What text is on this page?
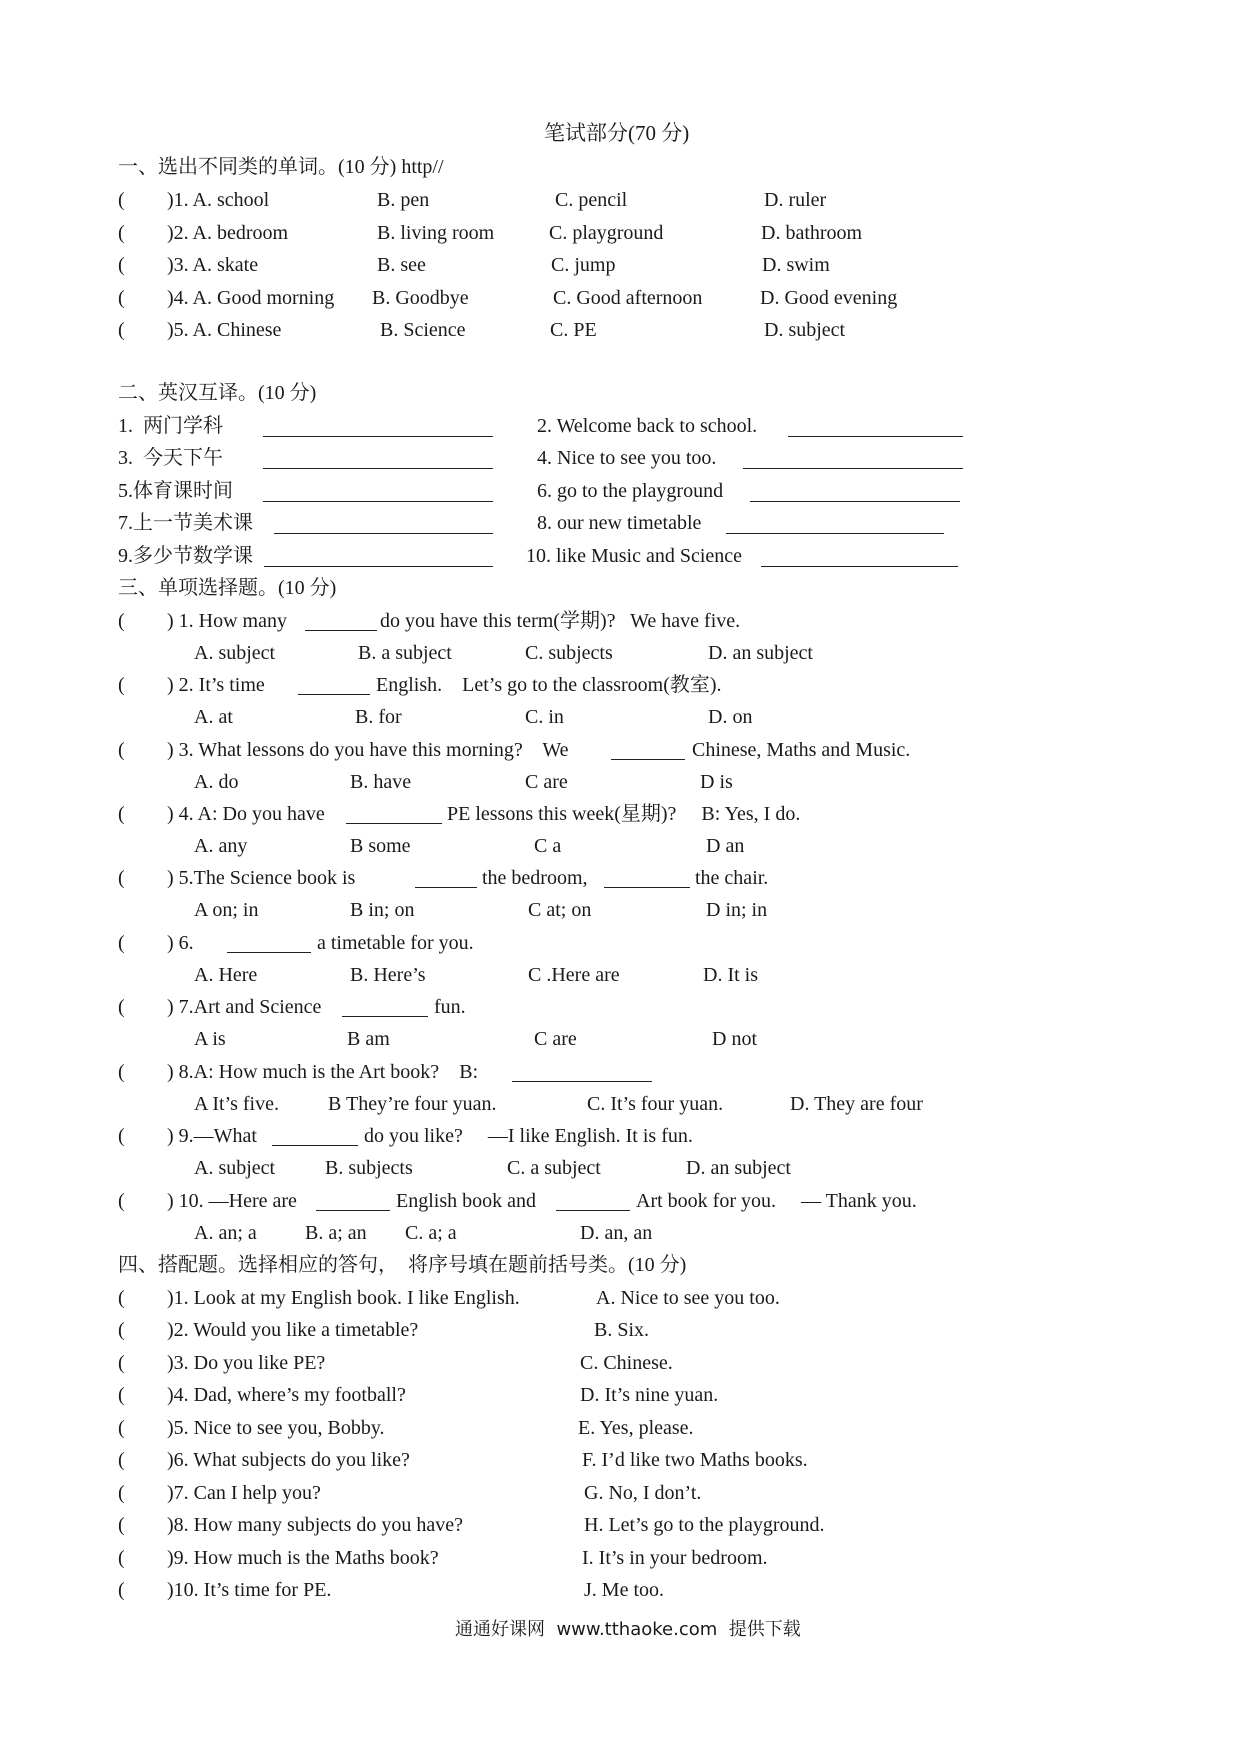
笔试部分(70 分)
一、选出不同类的单词。(10 分) http//
( )1. A. school	B. pen	C. pencil	D. ruler
( )2. A. bedroom	B. living room	C. playground	D. bathroom
( )3. A. skate	B. see	C. jump	D. swim
( )4. A. Good morning B. Goodbye	C. Good afternoon	D. Good evening
( )5. A. Chinese	B. Science	C. PE	D. subject
二、英汉互译。(10 分)
1.  两门学科	2. Welcome back to school.
3.  今天下午	4. Nice to see you too.
5.体育课时间	6. go to the playground
7.上一节美术课	8. our new timetable
9.多少节数学课	10. like Music and Science
三、单项选择题。(10 分)
( ) 1. How many	do you have this term(学期)?   We have five.
A. subject	B. a subject	C. subjects	D. an subject
( ) 2. It’s time	English.    Let’s go to the classroom(教室).
A. at	B. for	C. in	D. on
( ) 3. What lessons do you have this morning?    We	Chinese, Maths and Music.
A. do	B. have	C are	D is
( ) 4. A: Do you have	PE lessons this week(星期)?     B: Yes, I do.
A. any	B some	C a	D an
( ) 5.The Science book is	the bedroom,	the chair.
A on; in	B in; on	C at; on	D in; in
( ) 6.	a timetable for you.
A. Here	B. Here’s	C .Here are	D. It is
( ) 7.Art and Science	fun.
A is	B am	C are	D not
( ) 8.A: How much is the Art book?    B:
A It’s five. B They’re four yuan.	C. It’s four yuan.	D. They are four
( ) 9.—What	do you like?     —I like English. It is fun.
A. subject B. subjects	C. a subject	D. an subject
( ) 10. —Here are	English book and	Art book for you.     — Thank you.
A. an; a B. a; an C. a; a	D. an, an
四、搭配题。选择相应的答句，  将序号填在题前括号类。(10 分)
( )1. Look at my English book. I like English.	A. Nice to see you too.
( )2. Would you like a timetable?	B. Six.
( )3. Do you like PE?	C. Chinese.
( )4. Dad, where’s my football?	D. It’s nine yuan.
( )5. Nice to see you, Bobby.	E. Yes, please.
( )6. What subjects do you like?	F. I’d like two Maths books.
( )7. Can I help you?	G. No, I don’t.
( )8. How many subjects do you have?	H. Let’s go to the playground.
( )9. How much is the Maths book?	I. It’s in your bedroom.
( )10. It’s time for PE.	J. Me too.
通通好课网  www.tthaoke.com  提供下载
